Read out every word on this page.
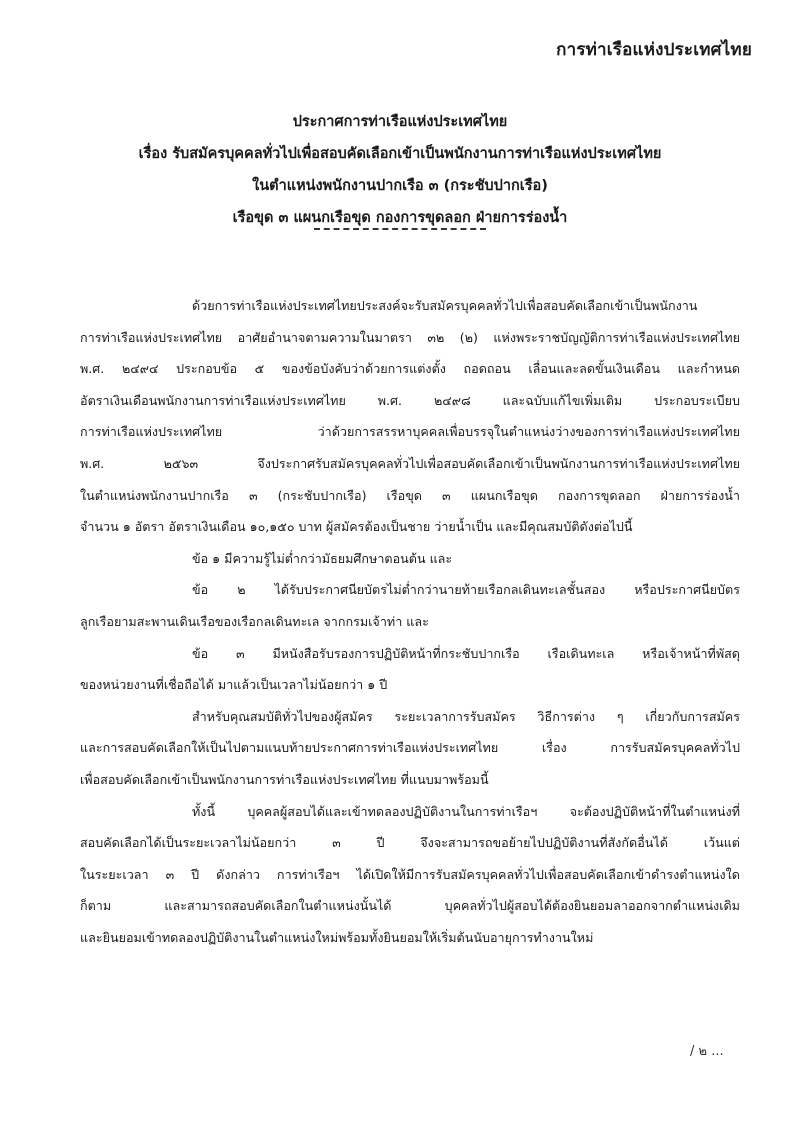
การท่าเรือแห่งประเทศไทย
ประกาศการท่าเรือแห่งประเทศไทย
เรื่อง รับสมัครบุคคลทั่วไปเพื่อสอบคัดเลือกเข้าเป็นพนักงานการท่าเรือแห่งประเทศไทย
ในตำแหน่งพนักงานปากเรือ ๓ (กระชับปากเรือ)
เรือขุด ๓ แผนกเรือขุด กองการขุดลอก ฝ่ายการร่องน้ำ
ด้วยการท่าเรือแห่งประเทศไทยประสงค์จะรับสมัครบุคคลทั่วไปเพื่อสอบคัดเลือกเข้าเป็นพนักงาน
การท่าเรือแห่งประเทศไทย อาศัยอำนาจตามความในมาตรา ๓๒ (๒) แห่งพระราชบัญญัติการท่าเรือแห่งประเทศไทย
พ.ศ. ๒๔๙๔ ประกอบข้อ ๕ ของข้อบังคับว่าด้วยการแต่งตั้ง ถอดถอน เลื่อนและลดขั้นเงินเดือน และกำหนด
อัตราเงินเดือนพนักงานการท่าเรือแห่งประเทศไทย พ.ศ. ๒๔๙๘ และฉบับแก้ไขเพิ่มเติม ประกอบระเบียบ
การท่าเรือแห่งประเทศไทย ว่าด้วยการสรรหาบุคคลเพื่อบรรจุในตำแหน่งว่างของการท่าเรือแห่งประเทศไทย
พ.ศ. ๒๕๖๓ จึงประกาศรับสมัครบุคคลทั่วไปเพื่อสอบคัดเลือกเข้าเป็นพนักงานการท่าเรือแห่งประเทศไทย
ในตำแหน่งพนักงานปากเรือ ๓ (กระชับปากเรือ) เรือขุด ๓ แผนกเรือขุด กองการขุดลอก ฝ่ายการร่องน้ำ
จำนวน ๑ อัตรา อัตราเงินเดือน ๑๐,๑๕๐ บาท ผู้สมัครต้องเป็นชาย ว่ายน้ำเป็น และมีคุณสมบัติดังต่อไปนี้
ข้อ ๑ มีความรู้ไม่ต่ำกว่ามัธยมศึกษาตอนต้น และ
ข้อ ๒ ได้รับประกาศนียบัตรไม่ต่ำกว่านายท้ายเรือกลเดินทะเลชั้นสอง หรือประกาศนียบัตร
ลูกเรือยามสะพานเดินเรือของเรือกลเดินทะเล จากกรมเจ้าท่า และ
ข้อ ๓ มีหนังสือรับรองการปฏิบัติหน้าที่กระชับปากเรือ เรือเดินทะเล หรือเจ้าหน้าที่พัสดุ
ของหน่วยงานที่เชื่อถือได้ มาแล้วเป็นเวลาไม่น้อยกว่า ๑ ปี
สำหรับคุณสมบัติทั่วไปของผู้สมัคร ระยะเวลาการรับสมัคร วิธีการต่าง ๆ เกี่ยวกับการสมัคร
และการสอบคัดเลือกให้เป็นไปตามแนบท้ายประกาศการท่าเรือแห่งประเทศไทย เรื่อง การรับสมัครบุคคลทั่วไป
เพื่อสอบคัดเลือกเข้าเป็นพนักงานการท่าเรือแห่งประเทศไทย ที่แนบมาพร้อมนี้
ทั้งนี้ บุคคลผู้สอบได้และเข้าทดลองปฏิบัติงานในการท่าเรือฯ จะต้องปฏิบัติหน้าที่ในตำแหน่งที่
สอบคัดเลือกได้เป็นระยะเวลาไม่น้อยกว่า ๓ ปี จึงจะสามารถขอย้ายไปปฏิบัติงานที่สังกัดอื่นได้ เว้นแต่
ในระยะเวลา ๓ ปี ดังกล่าว การท่าเรือฯ ได้เปิดให้มีการรับสมัครบุคคลทั่วไปเพื่อสอบคัดเลือกเข้าดำรงตำแหน่งใด
ก็ตาม และสามารถสอบคัดเลือกในตำแหน่งนั้นได้ บุคคลทั่วไปผู้สอบได้ต้องยินยอมลาออกจากตำแหน่งเดิม
และยินยอมเข้าทดลองปฏิบัติงานในตำแหน่งใหม่พร้อมทั้งยินยอมให้เริ่มต้นนับอายุการทำงานใหม่
/ ๒ ...
